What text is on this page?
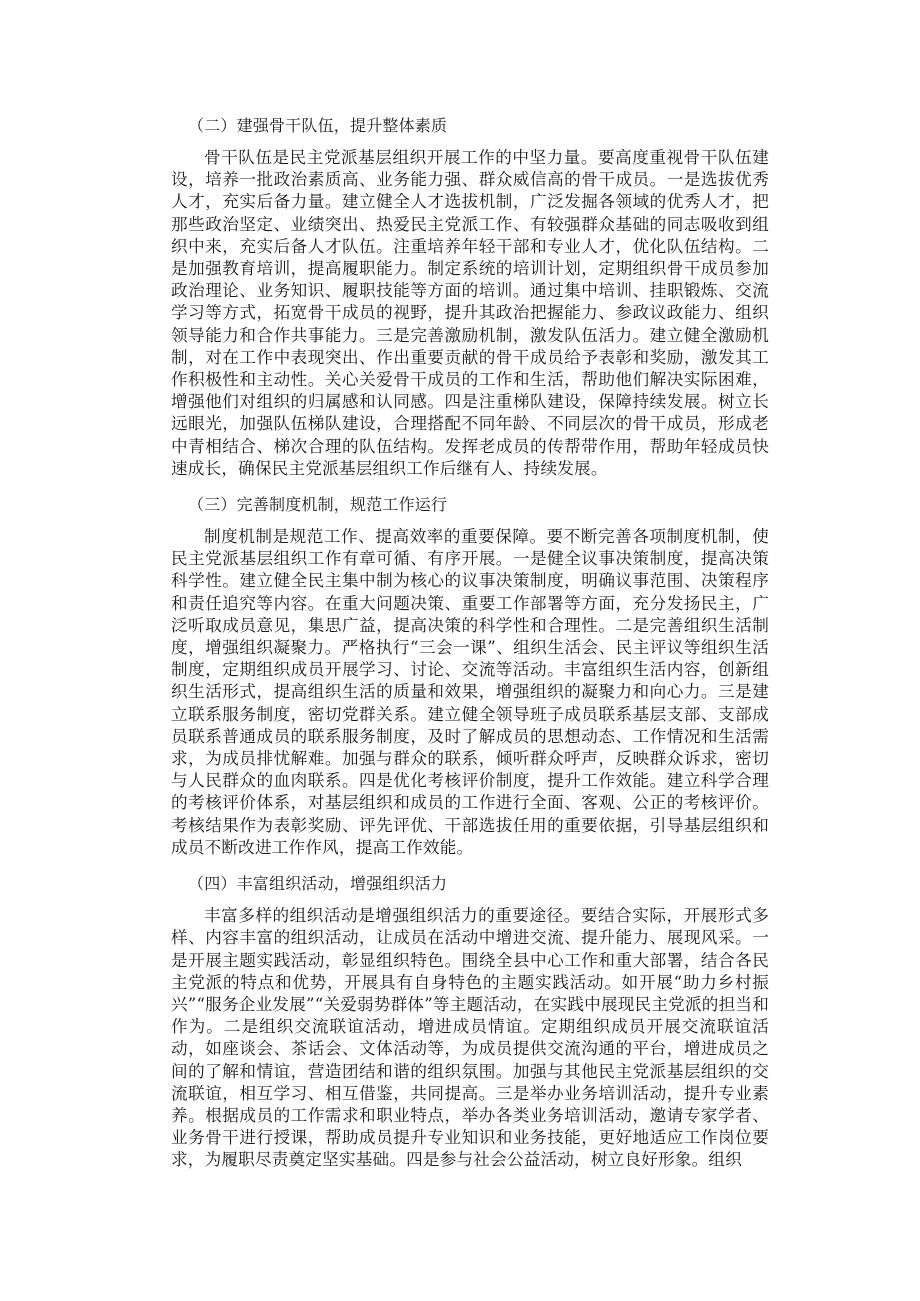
（二）建强骨干队伍，提升整体素质

骨干队伍是民主党派基层组织开展工作的中坚力量。要高度重视骨干队伍建设，培养一批政治素质高、业务能力强、群众威信高的骨干成员。一是选拔优秀人才，充实后备力量。建立健全人才选拔机制，广泛发掘各领域的优秀人才，把那些政治坚定、业绩突出、热爱民主党派工作、有较强群众基础的同志吸收到组织中来，充实后备人才队伍。注重培养年轻干部和专业人才，优化队伍结构。二是加强教育培训，提高履职能力。制定系统的培训计划，定期组织骨干成员参加政治理论、业务知识、履职技能等方面的培训。通过集中培训、挂职锻炼、交流学习等方式，拓宽骨干成员的视野，提升其政治把握能力、参政议政能力、组织领导能力和合作共事能力。三是完善激励机制，激发队伍活力。建立健全激励机制，对在工作中表现突出、作出重要贡献的骨干成员给予表彰和奖励，激发其工作积极性和主动性。关心关爱骨干成员的工作和生活，帮助他们解决实际困难，增强他们对组织的归属感和认同感。四是注重梯队建设，保障持续发展。树立长远眼光，加强队伍梯队建设，合理搭配不同年龄、不同层次的骨干成员，形成老中青相结合、梯次合理的队伍结构。发挥老成员的传帮带作用，帮助年轻成员快速成长，确保民主党派基层组织工作后继有人、持续发展。

（三）完善制度机制，规范工作运行

制度机制是规范工作、提高效率的重要保障。要不断完善各项制度机制，使民主党派基层组织工作有章可循、有序开展。一是健全议事决策制度，提高决策科学性。建立健全民主集中制为核心的议事决策制度，明确议事范围、决策程序和责任追究等内容。在重大问题决策、重要工作部署等方面，充分发扬民主，广泛听取成员意见，集思广益，提高决策的科学性和合理性。二是完善组织生活制度，增强组织凝聚力。严格执行“三会一课”、组织生活会、民主评议等组织生活制度，定期组织成员开展学习、讨论、交流等活动。丰富组织生活内容，创新组织生活形式，提高组织生活的质量和效果，增强组织的凝聚力和向心力。三是建立联系服务制度，密切党群关系。建立健全领导班子成员联系基层支部、支部成员联系普通成员的联系服务制度，及时了解成员的思想动态、工作情况和生活需求，为成员排忧解难。加强与群众的联系，倾听群众呼声，反映群众诉求，密切与人民群众的血肉联系。四是优化考核评价制度，提升工作效能。建立科学合理的考核评价体系，对基层组织和成员的工作进行全面、客观、公正的考核评价。考核结果作为表彰奖励、评先评优、干部选拔任用的重要依据，引导基层组织和成员不断改进工作作风，提高工作效能。

（四）丰富组织活动，增强组织活力

丰富多样的组织活动是增强组织活力的重要途径。要结合实际，开展形式多样、内容丰富的组织活动，让成员在活动中增进交流、提升能力、展现风采。一是开展主题实践活动，彰显组织特色。围绕全县中心工作和重大部署，结合各民主党派的特点和优势，开展具有自身特色的主题实践活动。如开展“助力乡村振兴”“服务企业发展”“关爱弱势群体”等主题活动，在实践中展现民主党派的担当和作为。二是组织交流联谊活动，增进成员情谊。定期组织成员开展交流联谊活动，如座谈会、茶话会、文体活动等，为成员提供交流沟通的平台，增进成员之间的了解和情谊，营造团结和谐的组织氛围。加强与其他民主党派基层组织的交流联谊，相互学习、相互借鉴，共同提高。三是举办业务培训活动，提升专业素养。根据成员的工作需求和职业特点，举办各类业务培训活动，邀请专家学者、业务骨干进行授课，帮助成员提升专业知识和业务技能，更好地适应工作岗位要求，为履职尽责奠定坚实基础。四是参与社会公益活动，树立良好形象。组织
